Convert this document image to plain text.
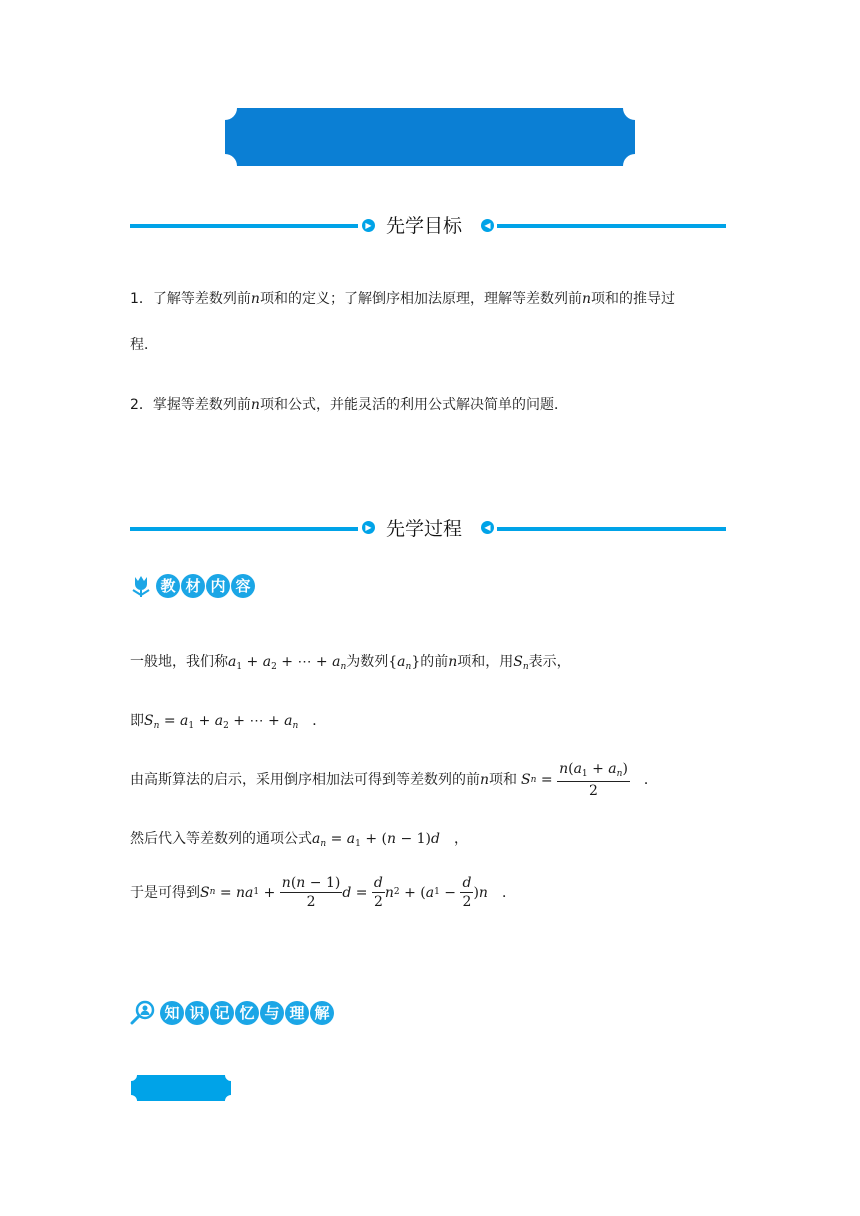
▶ 先学目标	◀
1．了解等差数列前n项和的定义；了解倒序相加法原理，理解等差数列前n项和的推导过
程．
2．掌握等差数列前n项和公式，并能灵活的利用公式解决简单的问题．
▶ 先学过程	◀
教 材 内 容
一般地，我们称$a_1 + a_2$ + ⋯ + $a_n$为数列$\{a_n\}$的前n项和，用$S_n$表示，
即$S_n = a_1 + a_2$ + ⋯ + $a_n$ ．
由高斯算法的启示，采用倒序相加法可得到等差数列的前 n 项和 S $n = \frac{n(a_1 + a_n)}{2}$ ．
然后代入等差数列的通项公式$a_n = a_1 + (n - 1)d$ ，
于是可得到 S n = na $1 + \frac{n(n - 1)}{2}$ $d = \frac{d}{2}$ n 2 + ( a $1 - \frac{d}{2}$ ) n ．
知 识 记 忆 与 理 解
